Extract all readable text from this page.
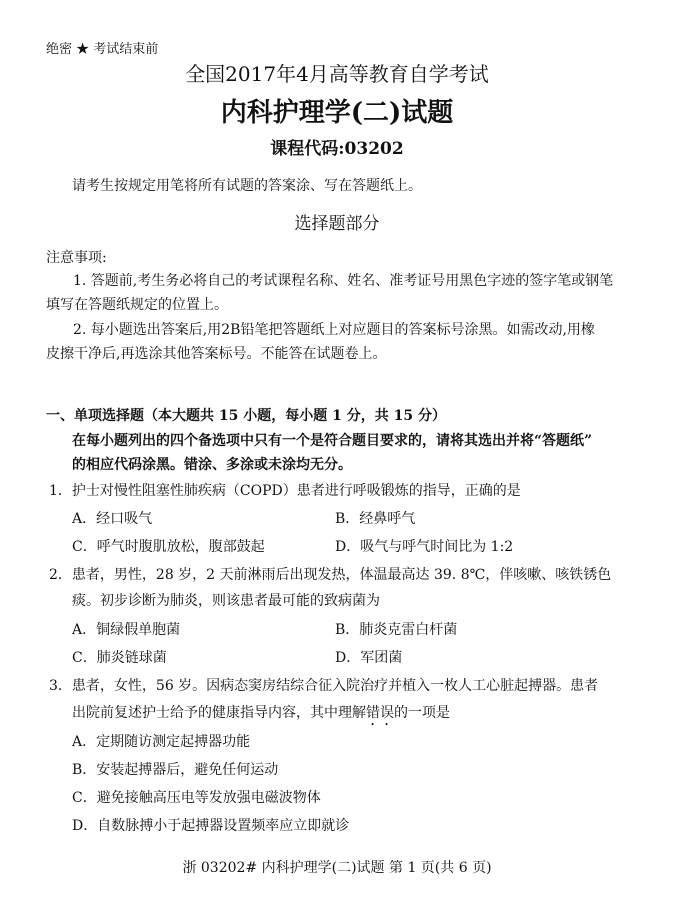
绝密 ★ 考试结束前
全国2017年4月高等教育自学考试
内科护理学(二)试题
课程代码:03202
请考生按规定用笔将所有试题的答案涂、写在答题纸上。
选择题部分
注意事项:
1. 答题前,考生务必将自己的考试课程名称、姓名、准考证号用黑色字迹的签字笔或钢笔
填写在答题纸规定的位置上。
2. 每小题选出答案后,用2B铅笔把答题纸上对应题目的答案标号涂黑。如需改动,用橡
皮擦干净后,再选涂其他答案标号。不能答在试题卷上。
一、单项选择题（本大题共 15 小题，每小题 1 分，共 15 分）
在每小题列出的四个备选项中只有一个是符合题目要求的，请将其选出并将“答题纸”
的相应代码涂黑。错涂、多涂或未涂均无分。
1．护士对慢性阻塞性肺疾病（COPD）患者进行呼吸锻炼的指导，正确的是
A．经口吸气	B．经鼻呼气
C．呼气时腹肌放松，腹部鼓起	D．吸气与呼气时间比为 1:2
2．患者，男性，28 岁，2 天前淋雨后出现发热，体温最高达 39. 8℃，伴咳嗽、咳铁锈色
痰。初步诊断为肺炎，则该患者最可能的致病菌为
A．铜绿假单胞菌	B．肺炎克雷白杆菌
C．肺炎链球菌	D．军团菌
3．患者，女性，56 岁。因病态窦房结综合征入院治疗并植入一枚人工心脏起搏器。患者
出院前复述护士给予的健康指导内容，其中理解错误的一项是
A．定期随访测定起搏器功能
B．安装起搏器后，避免任何运动
C．避免接触高压电等发放强电磁波物体
D．自数脉搏小于起搏器设置频率应立即就诊
浙 03202# 内科护理学(二)试题 第 1 页(共 6 页)
